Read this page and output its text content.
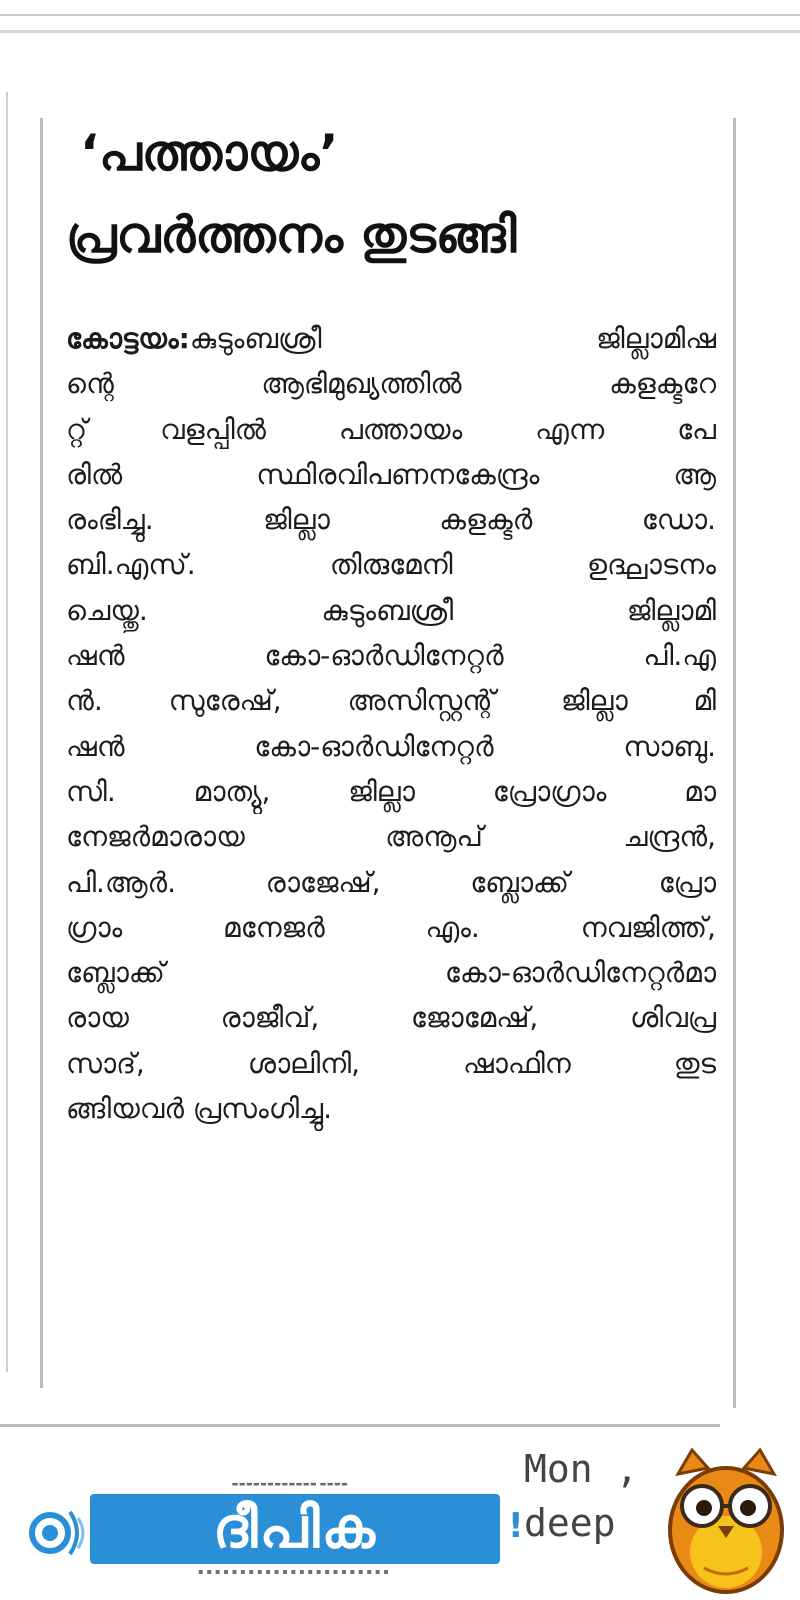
‘പത്തായം’
പ്രവർത്തനം തുടങ്ങി
കോട്ടയം:കുടുംബശ്രീ ജില്ലാമിഷ
ന്റെ ആഭിമുഖ്യത്തിൽ കളക്ടറേ
റ്റ് വളപ്പിൽ പത്തായം എന്ന പേ
രിൽ സ്ഥിരവിപണനകേന്ദ്രം ആ
രംഭിച്ചു. ജില്ലാ കളക്ടർ ഡോ.
ബി.എസ്. തിരുമേനി ഉദ്ഘാടനം
ചെയ്തു. കുടുംബശ്രീ ജില്ലാമി
ഷൻ കോ-ഓർഡിനേറ്റർ പി.എ
ൻ. സുരേഷ്, അസിസ്റ്റന്റ് ജില്ലാ മി
ഷൻ കോ-ഓർഡിനേറ്റർ സാബു.
സി. മാത്യു, ജില്ലാ പ്രോഗ്രാം മാ
നേജർമാരായ അനൂപ് ചന്ദ്രൻ,
പി.ആർ. രാജേഷ്, ബ്ലോക്ക് പ്രോ
ഗ്രാം മനേജർ എം. നവജിത്ത്,
ബ്ലോക്ക് കോ-ഓർഡിനേറ്റർമാ
രായ രാജീവ്, ജോമേഷ്, ശിവപ്ര
സാദ്, ശാലിനി, ഷാഫിന തുട
ങ്ങിയവർ പ്രസംഗിച്ചു.
▬▬▬▬▬▬▬▬▬▬▬▬ ▬▬▬▬
ദീപിക	!
▪▪▪▪▪▪▪▪▪▪▪▪▪▪▪▪▪▪▪▪▪▪▪
Mon ,
deep
